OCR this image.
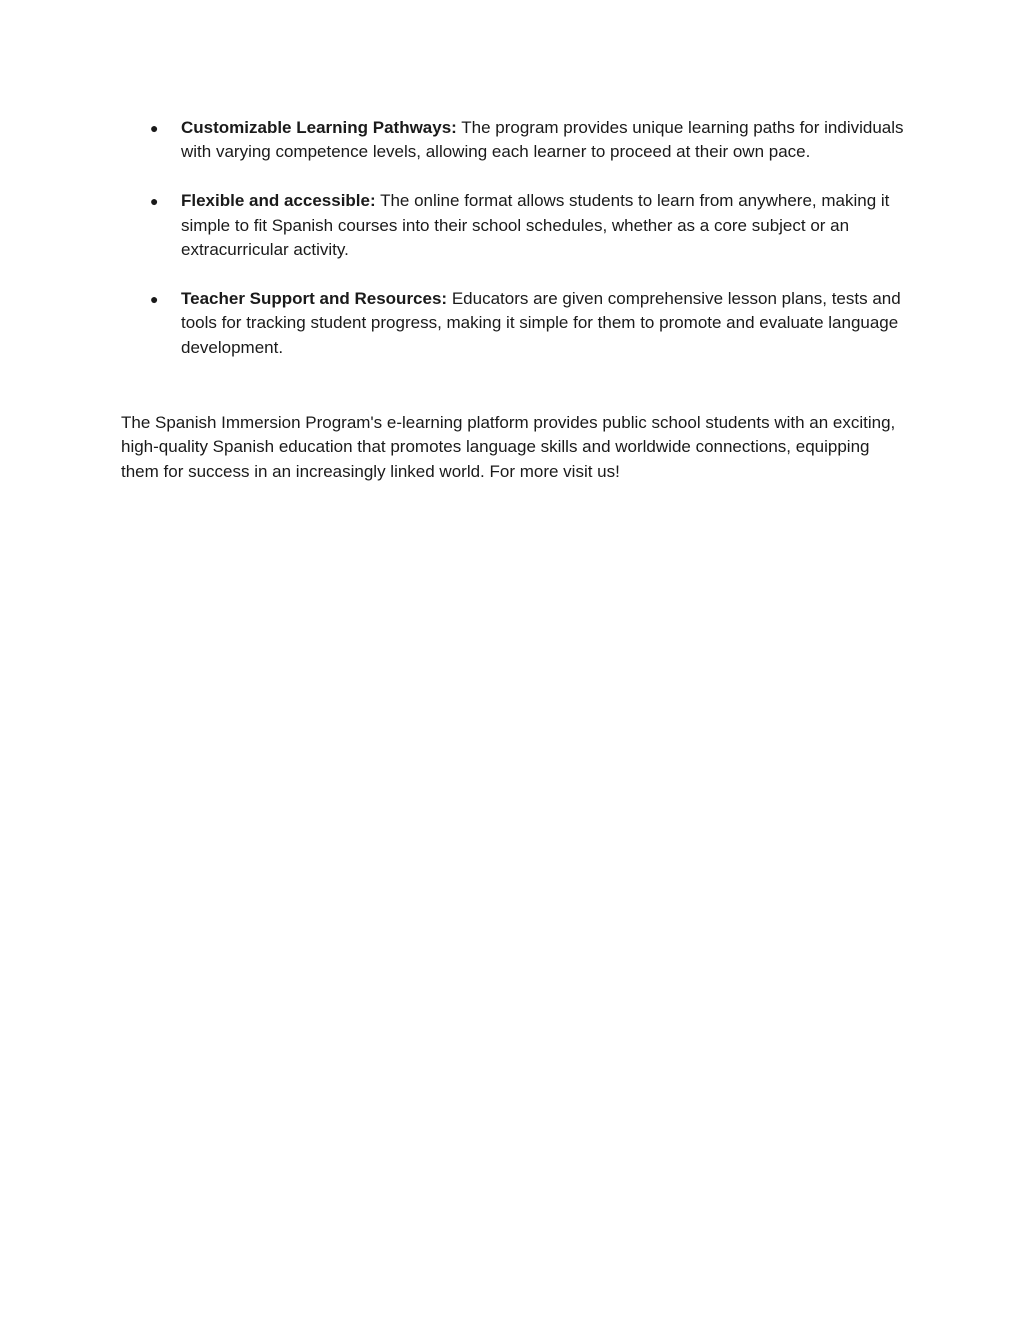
●	Customizable Learning Pathways: The program provides unique learning paths for individuals with varying competence levels, allowing each learner to proceed at their own pace.
●	Flexible and accessible: The online format allows students to learn from anywhere, making it simple to fit Spanish courses into their school schedules, whether as a core subject or an extracurricular activity.
●	Teacher Support and Resources: Educators are given comprehensive lesson plans, tests and tools for tracking student progress, making it simple for them to promote and evaluate language development.

The Spanish Immersion Program's e-learning platform provides public school students with an exciting, high-quality Spanish education that promotes language skills and worldwide connections, equipping them for success in an increasingly linked world. For more visit us!
